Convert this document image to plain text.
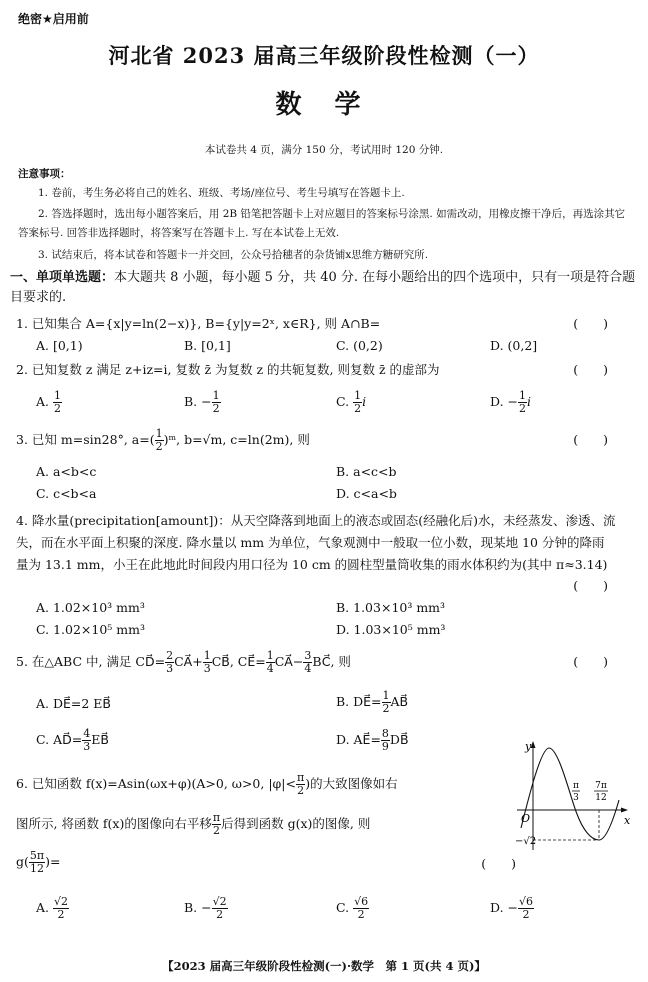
绝密★启用前
河北省 2023 届高三年级阶段性检测（一）
数 学
本试卷共 4 页，满分 150 分，考试用时 120 分钟.
注意事项：
1. 卷前，考生务必将自己的姓名、班级、考场/座位号、考生号填写在答题卡上.
2. 答选择题时，选出每小题答案后，用 2B 铅笔把答题卡上对应题目的答案标号涂黑. 如需改动，用橡皮擦干净后，再选涂其它答案标号. 回答非选择题时，将答案写在答题卡上. 写在本试卷上无效.
3. 试结束后，将本试卷和答题卡一并交回，公众号拾穗者的杂货铺x思维方糖研究所.
一、单项单选题：本大题共 8 小题，每小题 5 分，共 40 分. 在每小题给出的四个选项中，只有一项是符合题目要求的.
1. 已知集合 A={x|y=ln(2−x)}, B={y|y=2ˣ, x∈R}, 则 A∩B=	(　　)
A. [0,1)	B. [0,1]	C. (0,2)	D. (0,2]
2. 已知复数 z 满足 z+iz=i, 复数 z̄ 为复数 z 的共轭复数, 则复数 z̄ 的虚部为	(　　)
A. $\frac{1}{2}$	B. − $\frac{1}{2}$	C. $\frac{1}{2}$ i	D. − $\frac{1}{2}$ i
3. 已知 m=sin28°, $a=( \frac{1}{2}$ )ᵐ, b=√m, c=ln(2m), 则	(　　)
A. a<b<c	B. a<c<b
C. c<b<a	D. c<a<b
4. 降水量(precipitation[amount])：从天空降落到地面上的液态或固态(经融化后)水，未经蒸发、渗透、流失，而在水平面上积聚的深度. 降水量以 mm 为单位，气象观测中一般取一位小数，现某地 10 分钟的降雨量为 13.1 mm，小王在此地此时间段内用口径为 10 cm 的圆柱型量筒收集的雨水体积约为(其中 π≈3.14)
(　　)
A. 1.02×10³ mm³	B. 1.03×10³ mm³
C. 1.02×10⁵ mm³	D. 1.03×10⁵ mm³
5. 在△ABC 中, 满足 CD⃗= $\frac{2}{3}$ CA⃗+ $\frac{1}{3}$ CB⃗, CE⃗= $\frac{1}{4}$ CA⃗− $\frac{3}{4}$ BC⃗, 则	(　　)
A. DE⃗=2 EB⃗	B. DE⃗= $\frac{1}{2}$ AB⃗
C. AD⃗= $\frac{4}{3}$ EB⃗	D. AE⃗= $\frac{8}{9}$ DB⃗
6. 已知函数 f(x)=Asin(ωx+φ)(A>0, ω>0, $|\varphi|< \frac{\pi}{2}$ )的大致图像如右
图所示, 将函数 f(x)的图像向右平移 $\frac{\pi}{2}$ 后得到函数 g(x)的图像, 则
$g( \frac{5\pi}{12}$ )=	(　　)
A. $\frac{√2}{2}$	B. − $\frac{√2}{2}$	C. $\frac{√6}{2}$	D. − $\frac{√6}{2}$
y
x
O
π
3
7π
12
−√2
【2023 届高三年级阶段性检测(一)·数学　第 1 页(共 4 页)】
